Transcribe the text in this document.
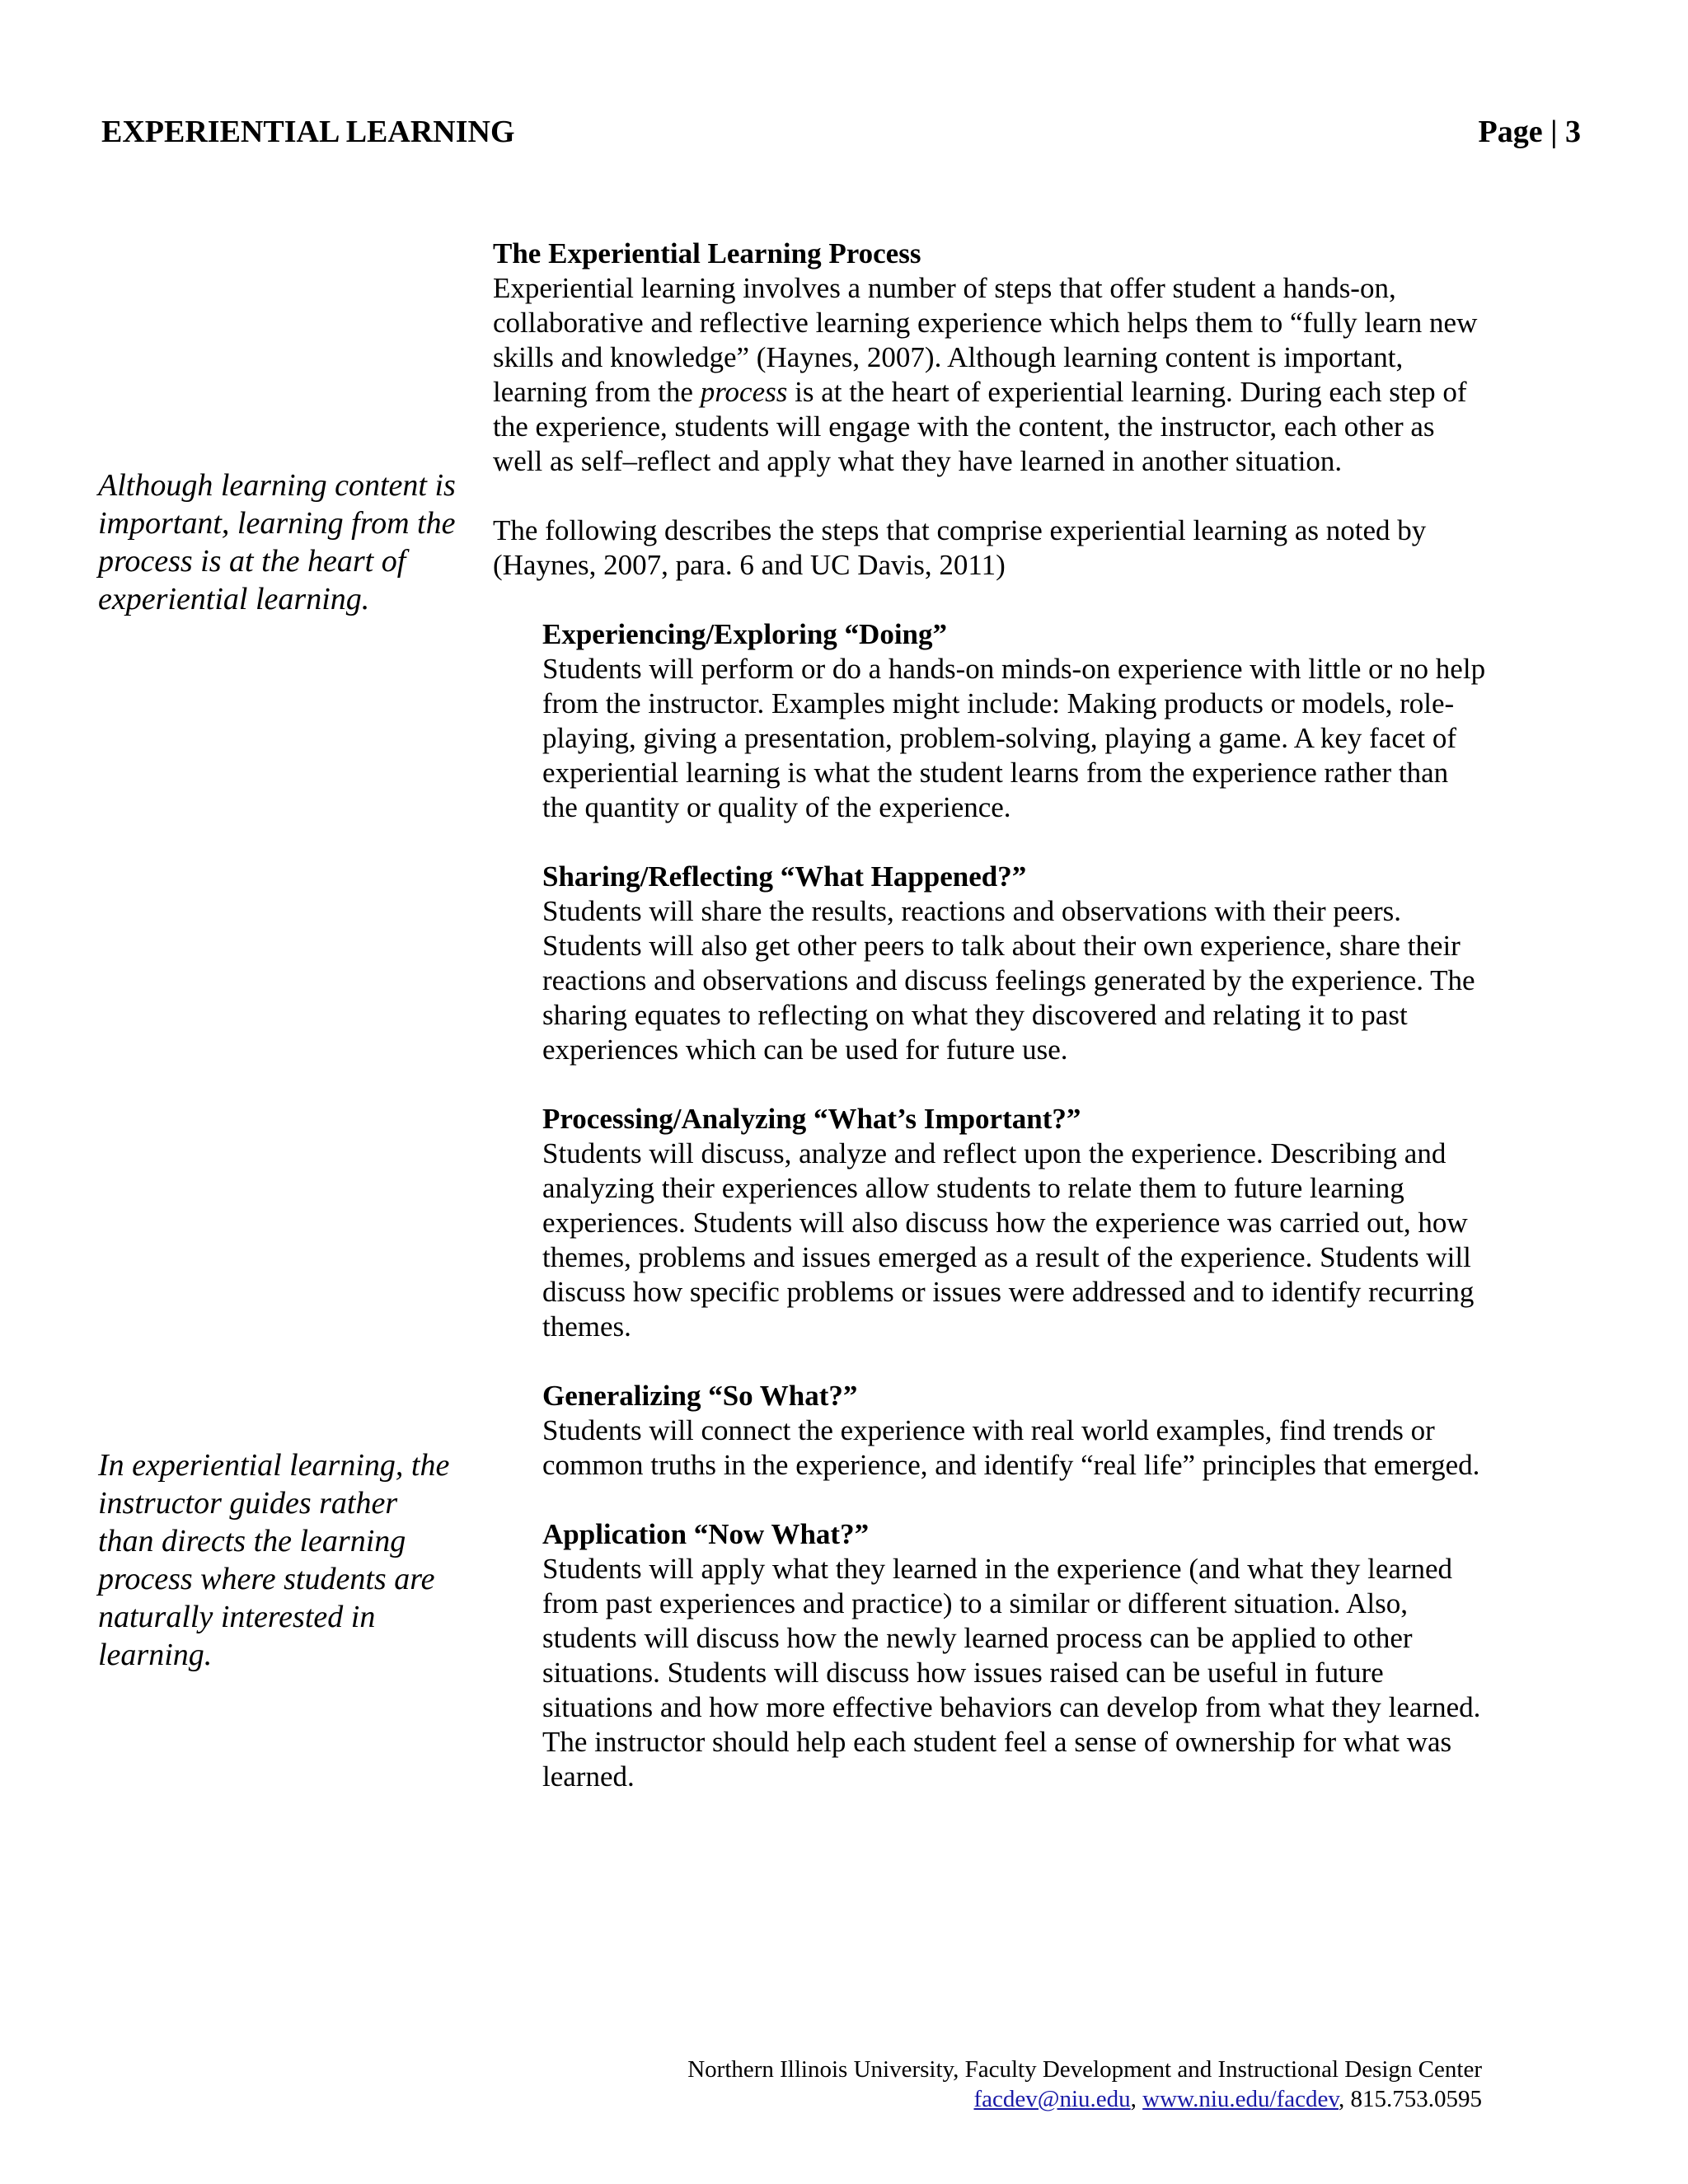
EXPERIENTIAL LEARNING	Page | 3
Although learning content is important, learning from the process is at the heart of experiential learning.
In experiential learning, the instructor guides rather than directs the learning process where students are naturally interested in learning.

The Experiential Learning Process

Experiential learning involves a number of steps that offer student a hands-on, collaborative and reflective learning experience which helps them to “fully learn new skills and knowledge” (Haynes, 2007). Although learning content is important, learning from the process is at the heart of experiential learning. During each step of the experience, students will engage with the content, the instructor, each other as well as self–reflect and apply what they have learned in another situation.

The following describes the steps that comprise experiential learning as noted by (Haynes, 2007, para. 6 and UC Davis, 2011)

Experiencing/Exploring “Doing”

Students will perform or do a hands-on minds-on experience with little or no help from the instructor. Examples might include: Making products or models, role-playing, giving a presentation, problem-solving, playing a game. A key facet of experiential learning is what the student learns from the experience rather than the quantity or quality of the experience.

Sharing/Reflecting “What Happened?”

Students will share the results, reactions and observations with their peers. Students will also get other peers to talk about their own experience, share their reactions and observations and discuss feelings generated by the experience. The sharing equates to reflecting on what they discovered and relating it to past experiences which can be used for future use.

Processing/Analyzing “What’s Important?”

Students will discuss, analyze and reflect upon the experience. Describing and analyzing their experiences allow students to relate them to future learning experiences. Students will also discuss how the experience was carried out, how themes, problems and issues emerged as a result of the experience. Students will discuss how specific problems or issues were addressed and to identify recurring themes.

Generalizing “So What?”

Students will connect the experience with real world examples, find trends or common truths in the experience, and identify “real life” principles that emerged.

Application “Now What?”

Students will apply what they learned in the experience (and what they learned from past experiences and practice) to a similar or different situation. Also, students will discuss how the newly learned process can be applied to other situations. Students will discuss how issues raised can be useful in future situations and how more effective behaviors can develop from what they learned. The instructor should help each student feel a sense of ownership for what was learned.

Northern Illinois University, Faculty Development and Instructional Design Center
facdev@niu.edu, www.niu.edu/facdev, 815.753.0595
